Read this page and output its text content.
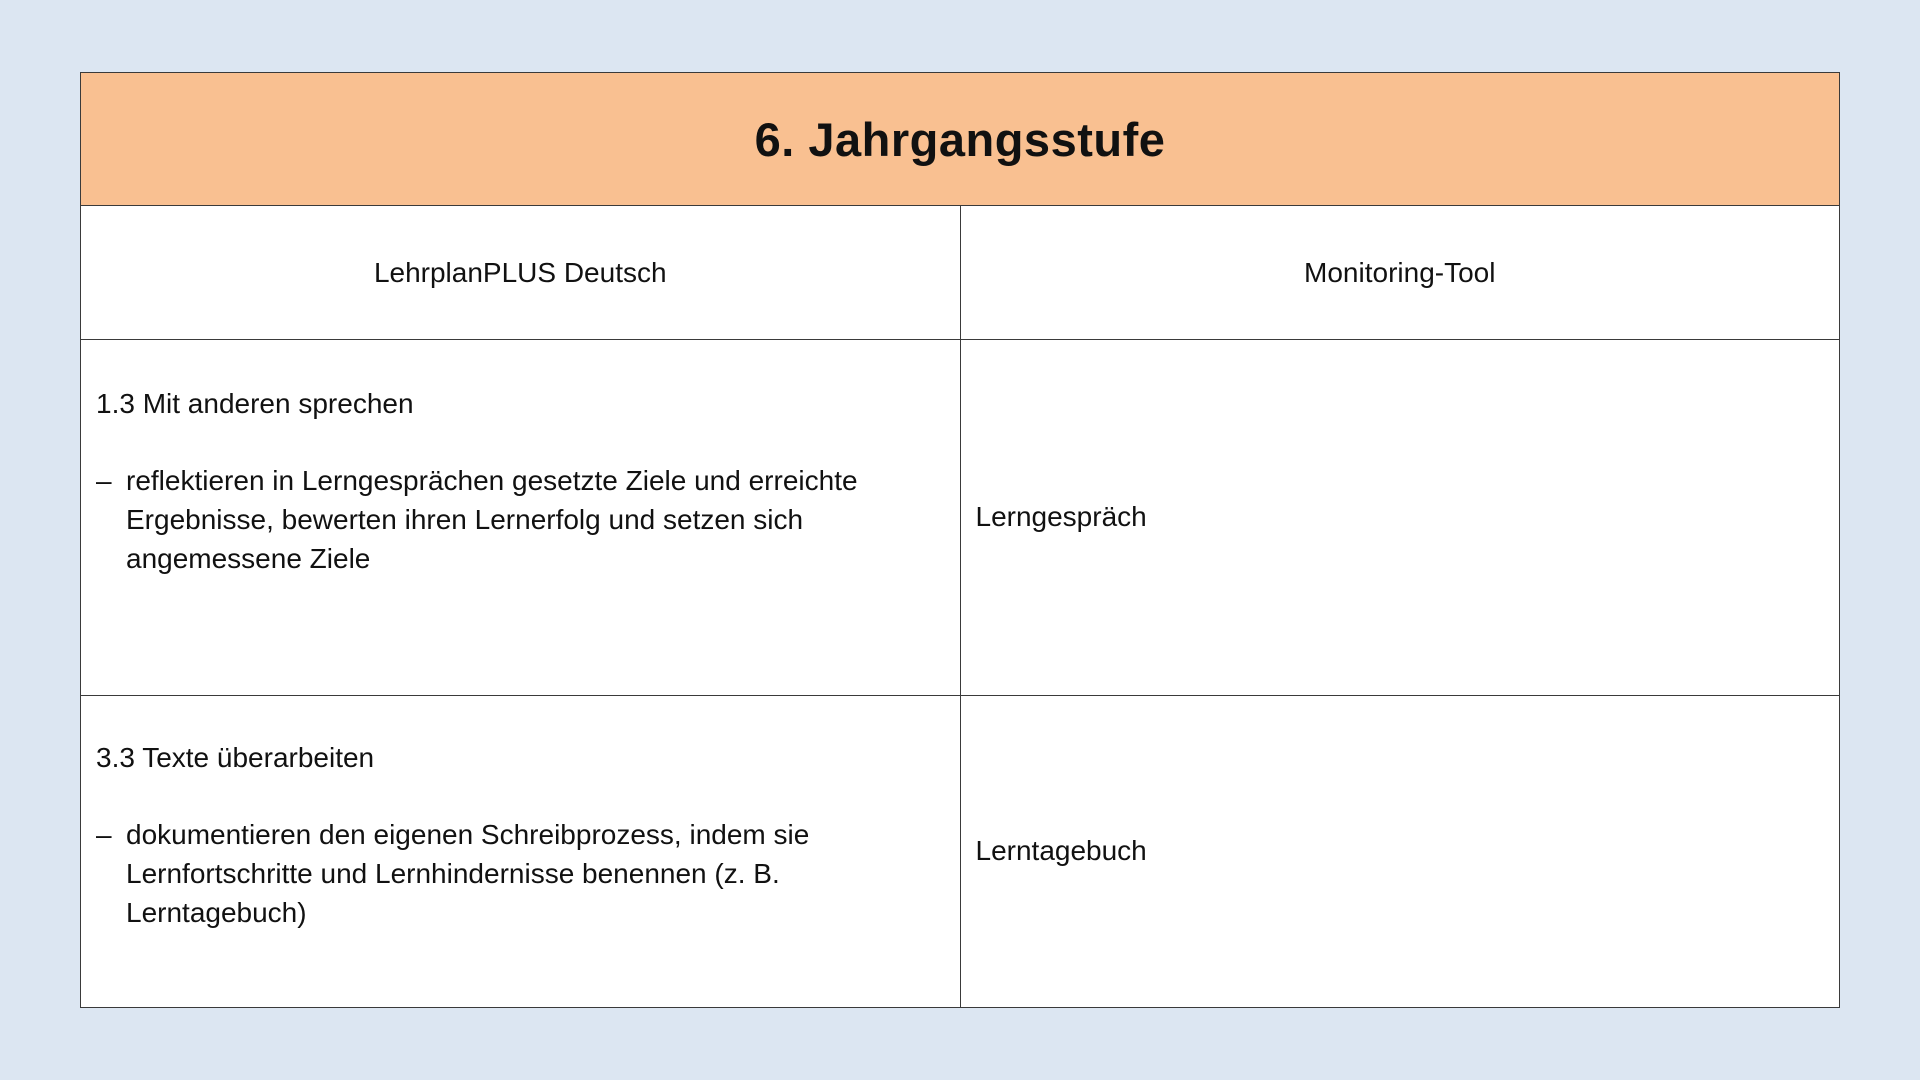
6. Jahrgangsstufe	
LehrplanPLUS Deutsch	Monitoring-Tool

1.3 Mit anderen sprechen
– reflektieren in Lerngesprächen gesetzte Ziele und erreichte Ergebnisse, bewerten ihren Lernerfolg und setzen sich angemessene Ziele	Lerngespräch

3.3 Texte überarbeiten
– dokumentieren den eigenen Schreibprozess, indem sie Lernfortschritte und Lernhindernisse benennen (z. B. Lerntagebuch)	Lerntagebuch
